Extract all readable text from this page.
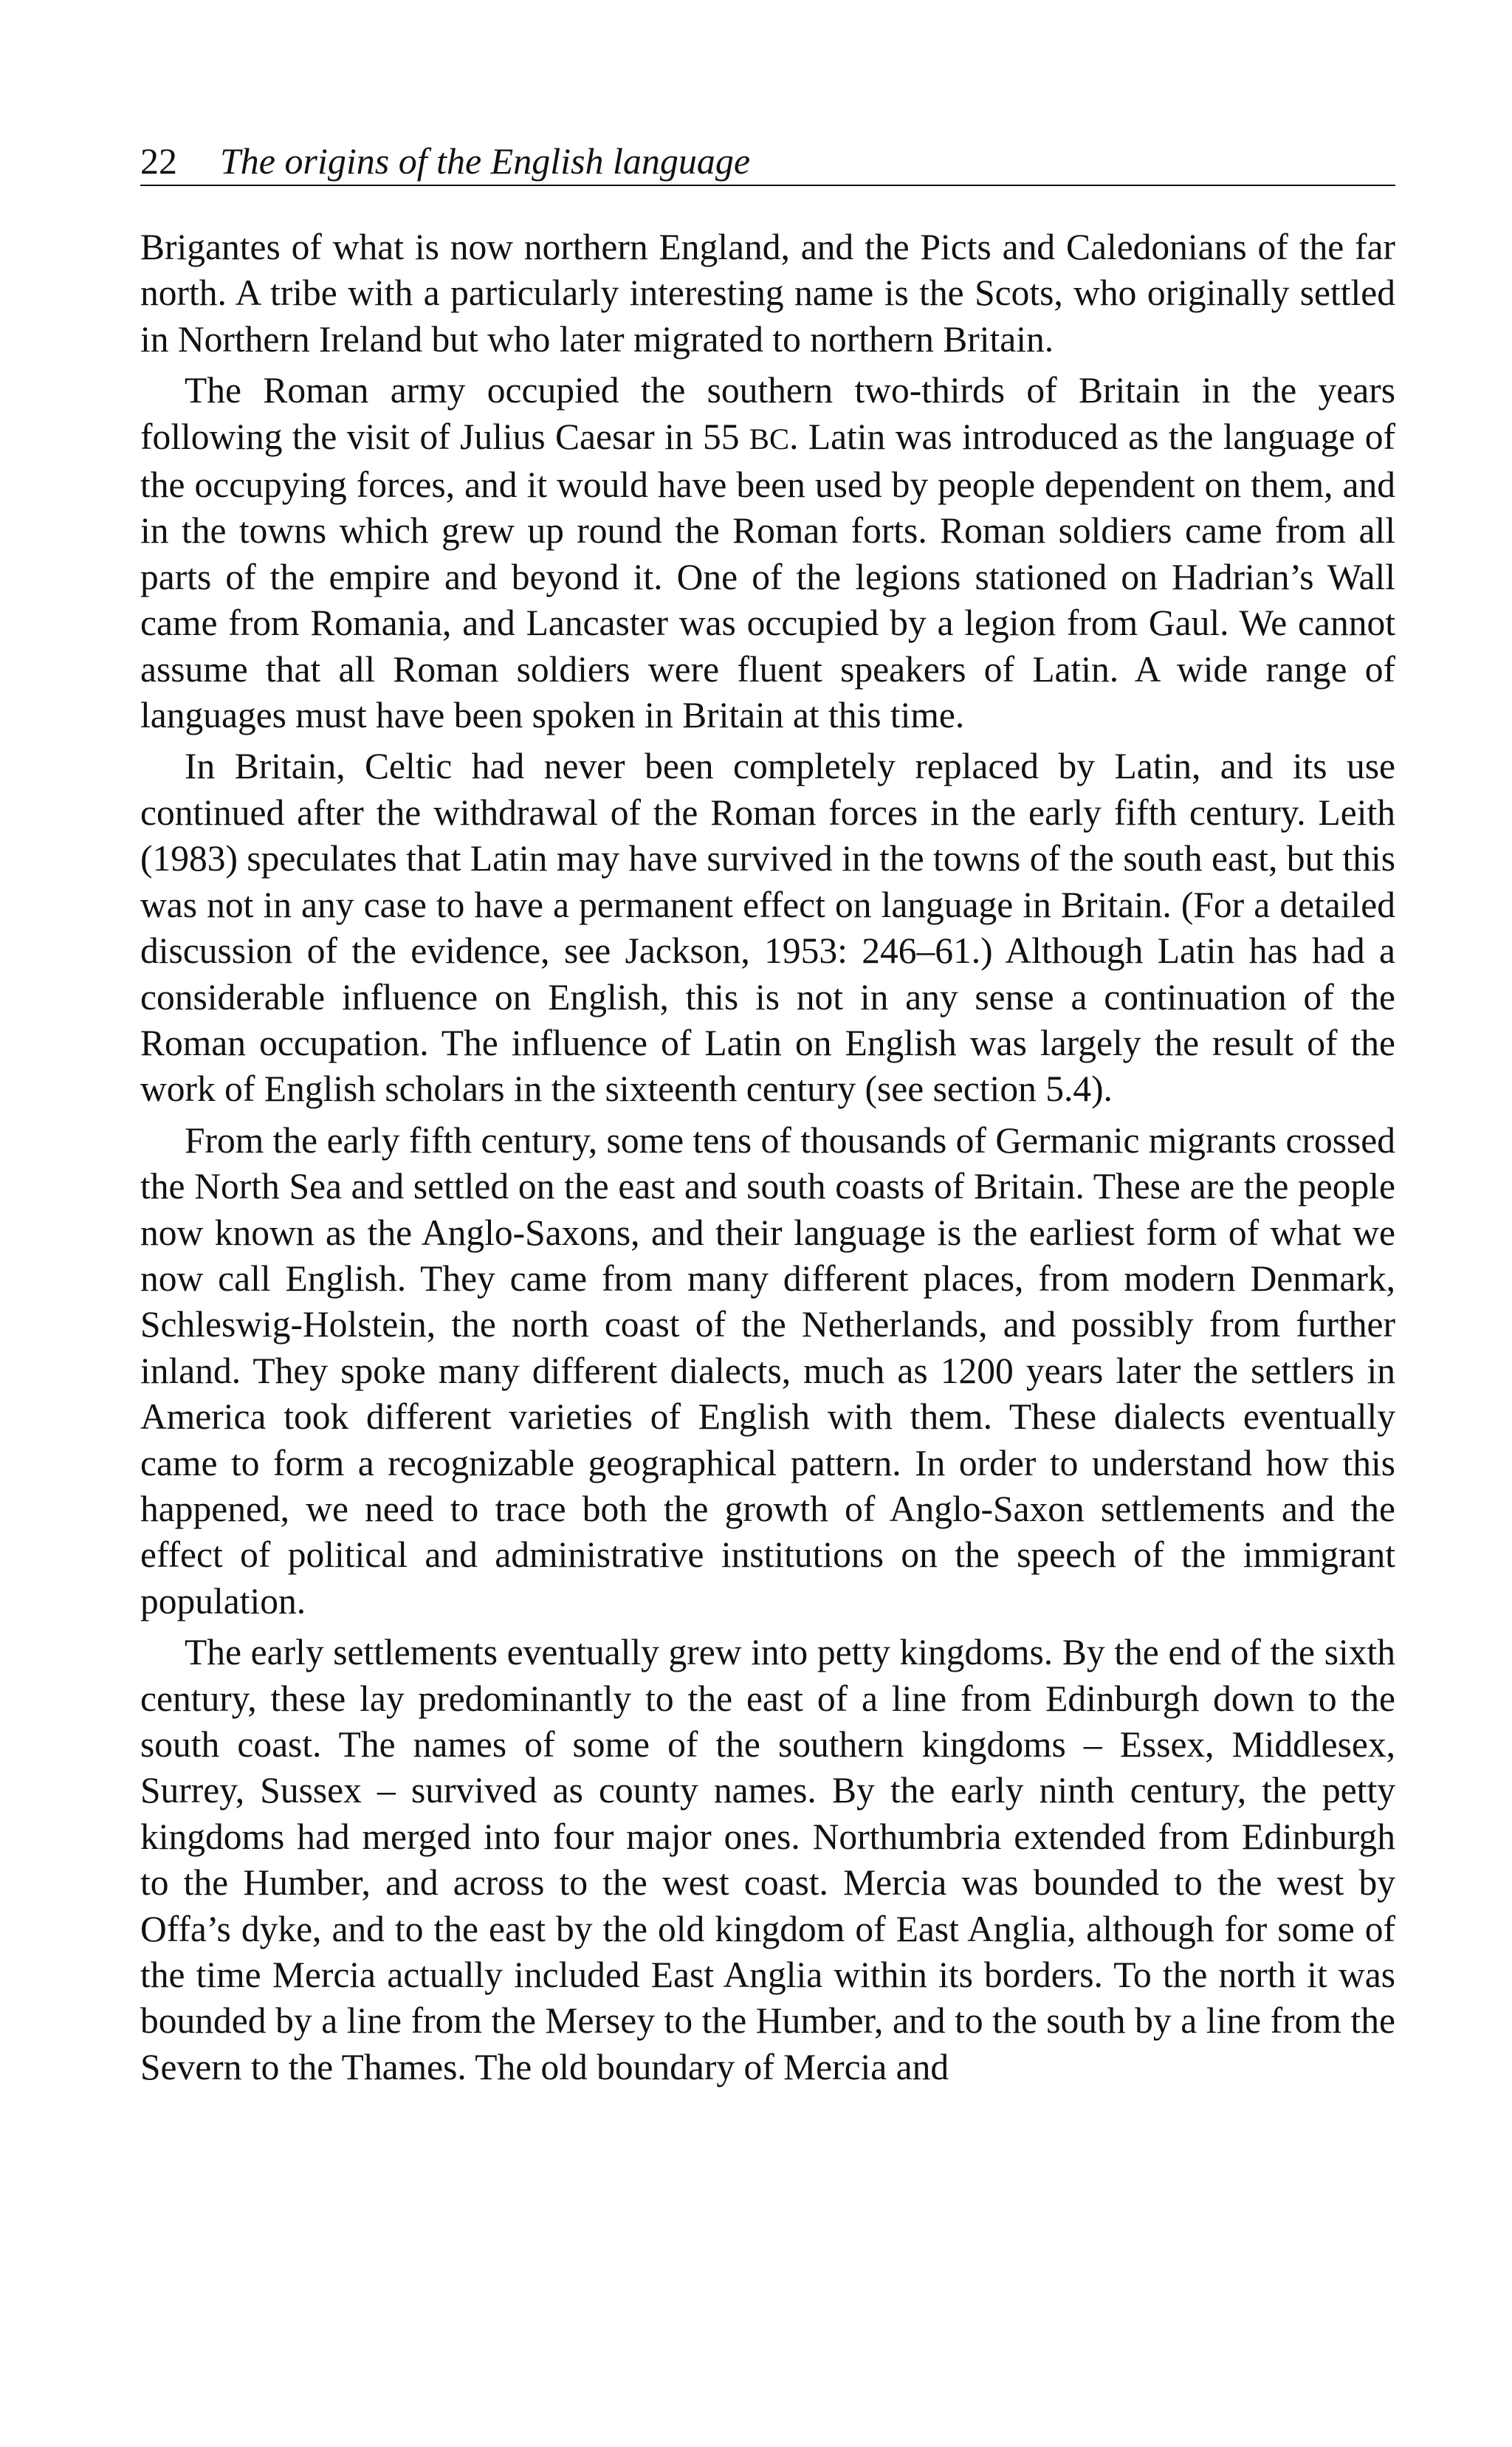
22 The origins of the English language

Brigantes of what is now northern England, and the Picts and Caledonians of the far north. A tribe with a particularly interesting name is the Scots, who originally settled in Northern Ireland but who later migrated to northern Britain.

The Roman army occupied the southern two-thirds of Britain in the years following the visit of Julius Caesar in 55 BC. Latin was introduced as the language of the occupying forces, and it would have been used by people dependent on them, and in the towns which grew up round the Roman forts. Roman soldiers came from all parts of the empire and beyond it. One of the legions stationed on Hadrian’s Wall came from Romania, and Lancaster was occupied by a legion from Gaul. We cannot assume that all Roman soldiers were fluent speakers of Latin. A wide range of languages must have been spoken in Britain at this time.

In Britain, Celtic had never been completely replaced by Latin, and its use continued after the withdrawal of the Roman forces in the early fifth century. Leith (1983) speculates that Latin may have survived in the towns of the south east, but this was not in any case to have a permanent effect on language in Britain. (For a detailed discussion of the evidence, see Jackson, 1953: 246–61.) Although Latin has had a considerable influence on English, this is not in any sense a continuation of the Roman occupation. The influence of Latin on English was largely the result of the work of English scholars in the sixteenth century (see section 5.4).

From the early fifth century, some tens of thousands of Germanic migrants crossed the North Sea and settled on the east and south coasts of Britain. These are the people now known as the Anglo-Saxons, and their language is the earliest form of what we now call English. They came from many different places, from modern Denmark, Schleswig-Holstein, the north coast of the Netherlands, and possibly from further inland. They spoke many different dialects, much as 1200 years later the settlers in America took different varieties of English with them. These dialects eventually came to form a recognizable geographical pattern. In order to understand how this happened, we need to trace both the growth of Anglo-Saxon settlements and the effect of political and administrative institutions on the speech of the immigrant population.

The early settlements eventually grew into petty kingdoms. By the end of the sixth century, these lay predominantly to the east of a line from Edinburgh down to the south coast. The names of some of the southern kingdoms – Essex, Middlesex, Surrey, Sussex – survived as county names. By the early ninth century, the petty kingdoms had merged into four major ones. Northumbria extended from Edinburgh to the Humber, and across to the west coast. Mercia was bounded to the west by Offa’s dyke, and to the east by the old kingdom of East Anglia, although for some of the time Mercia actually included East Anglia within its borders. To the north it was bounded by a line from the Mersey to the Humber, and to the south by a line from the Severn to the Thames. The old boundary of Mercia and
